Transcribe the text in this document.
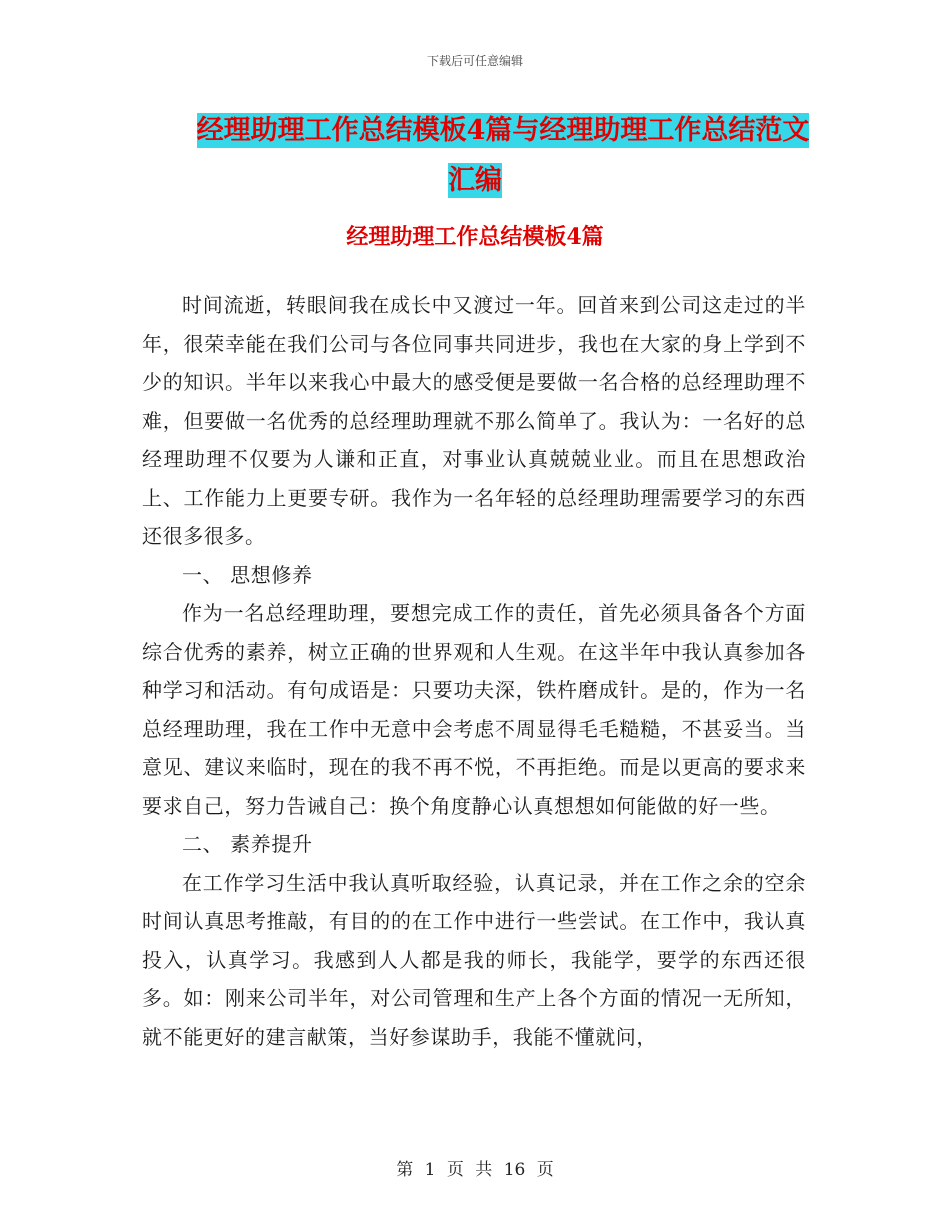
下载后可任意编辑
经理助理工作总结模板4篇与经理助理工作总结范文
汇编
经理助理工作总结模板4篇

时间流逝，转眼间我在成长中又渡过一年。回首来到公司这走过的半年，很荣幸能在我们公司与各位同事共同进步，我也在大家的身上学到不少的知识。半年以来我心中最大的感受便是要做一名合格的总经理助理不难，但要做一名优秀的总经理助理就不那么简单了。我认为：一名好的总经理助理不仅要为人谦和正直，对事业认真兢兢业业。而且在思想政治上、工作能力上更要专研。我作为一名年轻的总经理助理需要学习的东西还很多很多。

一、 思想修养

作为一名总经理助理，要想完成工作的责任，首先必须具备各个方面综合优秀的素养，树立正确的世界观和人生观。在这半年中我认真参加各种学习和活动。有句成语是：只要功夫深，铁杵磨成针。是的，作为一名总经理助理，我在工作中无意中会考虑不周显得毛毛糙糙，不甚妥当。当意见、建议来临时，现在的我不再不悦，不再拒绝。而是以更高的要求来要求自己，努力告诫自己：换个角度静心认真想想如何能做的好一些。

二、 素养提升

在工作学习生活中我认真听取经验，认真记录，并在工作之余的空余时间认真思考推敲，有目的的在工作中进行一些尝试。在工作中，我认真投入，认真学习。我感到人人都是我的师长，我能学，要学的东西还很多。如：刚来公司半年，对公司管理和生产上各个方面的情况一无所知，就不能更好的建言献策，当好参谋助手，我能不懂就问，

第 1 页 共 16 页
